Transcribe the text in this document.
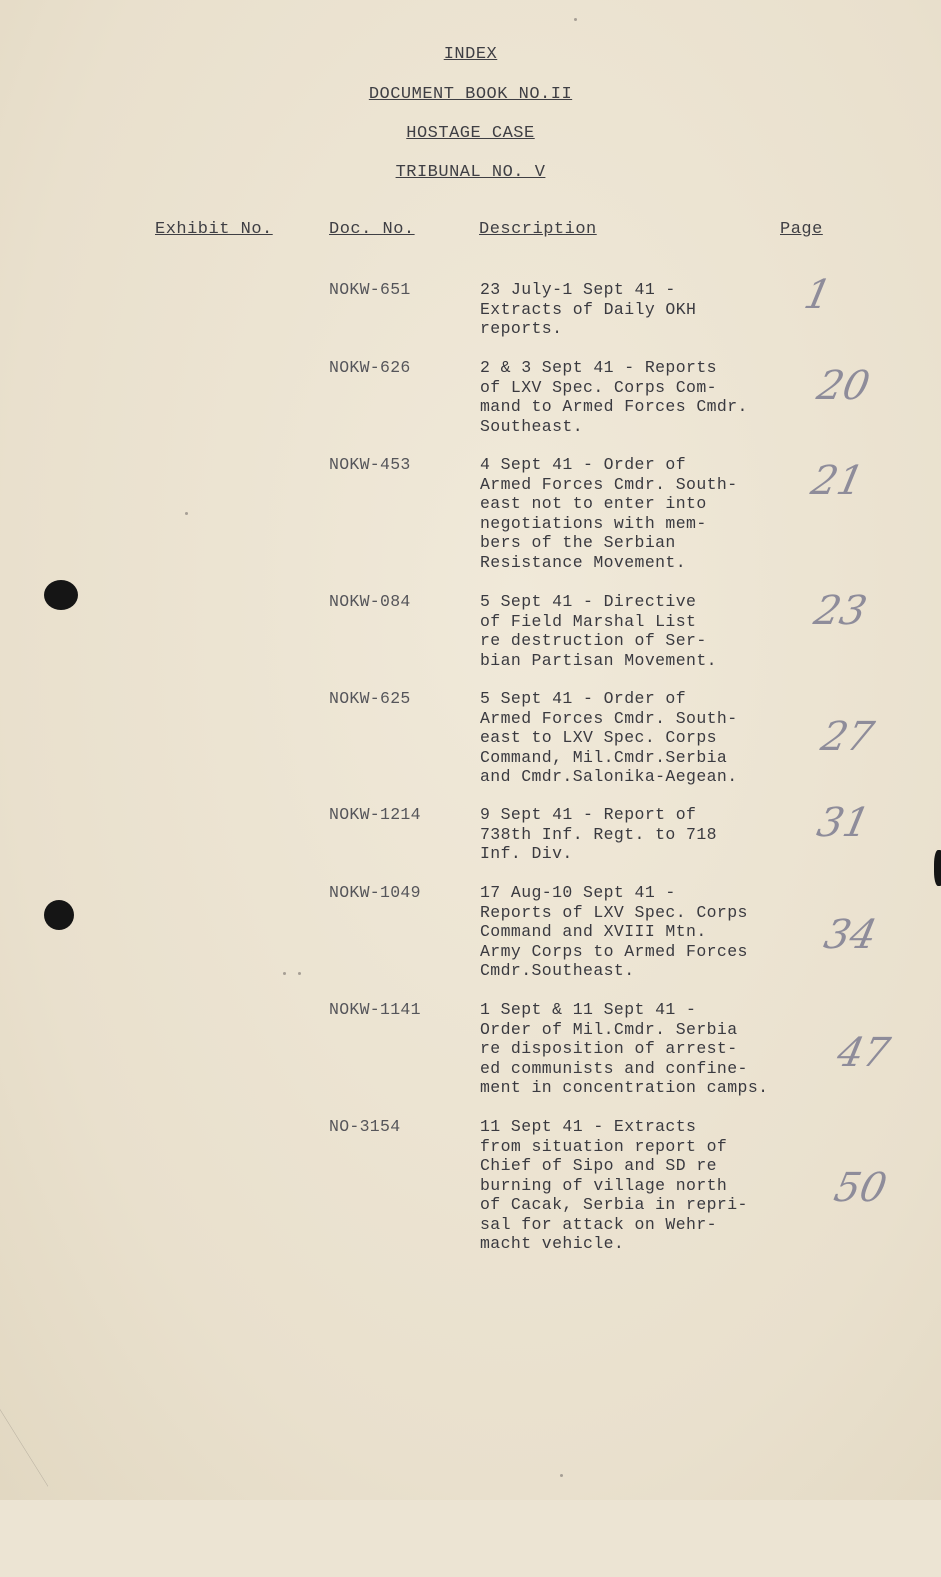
INDEX
DOCUMENT BOOK NO.II
HOSTAGE CASE
TRIBUNAL NO. V
Exhibit No.	Doc. No.	Description	Page
NOKW-651	23 July-1 Sept 41 -
Extracts of Daily OKH
reports.
1
NOKW-626	2 & 3 Sept 41 - Reports
of LXV Spec. Corps Com-
mand to Armed Forces Cmdr.
Southeast.
20
NOKW-453	4 Sept 41 - Order of
Armed Forces Cmdr. South-
east not to enter into
negotiations with mem-
bers of the Serbian
Resistance Movement.
21
NOKW-084	5 Sept 41 - Directive
of Field Marshal List
re destruction of Ser-
bian Partisan Movement.
23
NOKW-625	5 Sept 41 - Order of
Armed Forces Cmdr. South-
east to LXV Spec. Corps
Command, Mil.Cmdr.Serbia
and Cmdr.Salonika-Aegean.
27
NOKW-1214	9 Sept 41 - Report of
738th Inf. Regt. to 718
Inf. Div.
31
NOKW-1049	17 Aug-10 Sept 41 -
Reports of LXV Spec. Corps
Command and XVIII Mtn.
Army Corps to Armed Forces
Cmdr.Southeast.
34
NOKW-1141	1 Sept & 11 Sept 41 -
Order of Mil.Cmdr. Serbia
re disposition of arrest-
ed communists and confine-
ment in concentration camps.
47
NO-3154	11 Sept 41 - Extracts
from situation report of
Chief of Sipo and SD re
burning of village north
of Cacak, Serbia in repri-
sal for attack on Wehr-
macht vehicle.
50
